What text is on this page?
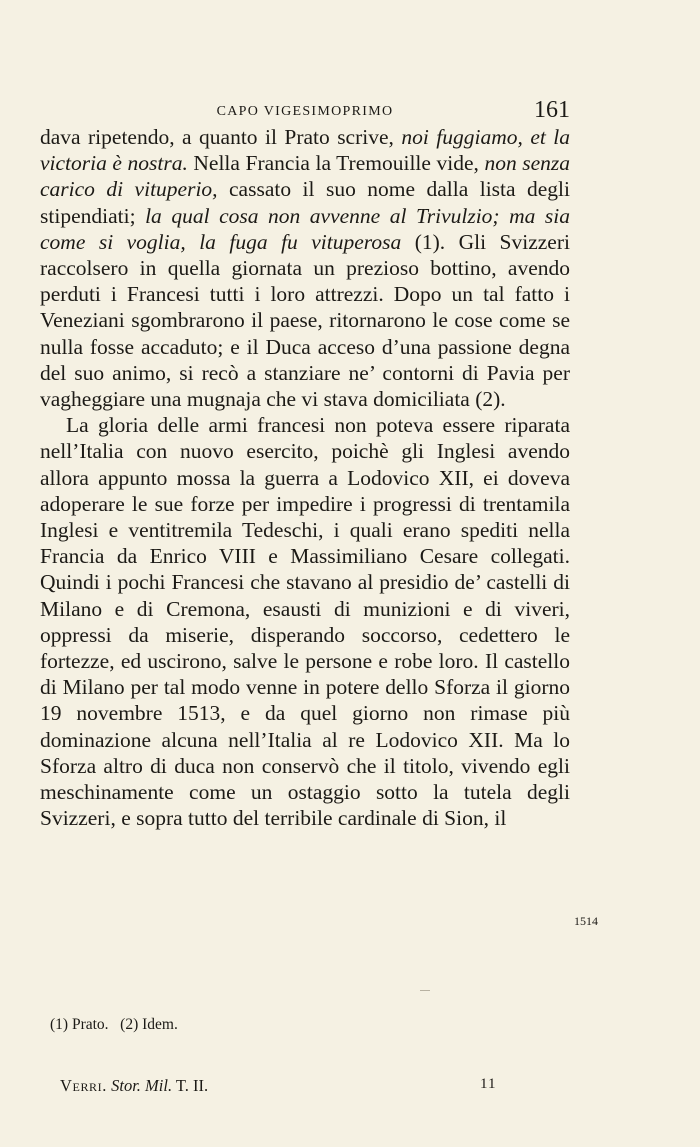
CAPO VIGESIMOPRIMO	161

dava ripetendo, a quanto il Prato scrive, noi fuggiamo, et la victoria è nostra. Nella Francia la Tremouille vide, non senza carico di vituperio, cassato il suo nome dalla lista degli stipendiati; la qual cosa non avvenne al Trivulzio; ma sia come si voglia, la fuga fu vituperosa (1). Gli Svizzeri raccolsero in quella giornata un prezioso bottino, avendo perduti i Francesi tutti i loro attrezzi. Dopo un tal fatto i Veneziani sgombrarono il paese, ritornarono le cose come se nulla fosse accaduto; e il Duca acceso d’una passione degna del suo animo, si recò a stanziare ne’ contorni di Pavia per vagheggiare una mugnaja che vi stava domiciliata (2).

La gloria delle armi francesi non poteva essere riparata nell’Italia con nuovo esercito, poichè gli Inglesi avendo allora appunto mossa la guerra a Lodovico XII, ei doveva adoperare le sue forze per impedire i progressi di trentamila Inglesi e ventitremila Tedeschi, i quali erano spediti nella Francia da Enrico VIII e Massimiliano Cesare collegati. Quindi i pochi Francesi che stavano al presidio de’ castelli di Milano e di Cremona, esausti di munizioni e di viveri, oppressi da miserie, disperando soccorso, cedettero le fortezze, ed uscirono, salve le persone e robe loro. Il castello di Milano per tal modo venne in potere dello Sforza il giorno 19 novembre 1513, e da quel giorno non rimase più dominazione alcuna nell’Italia al re Lodovico XII. Ma lo Sforza altro di duca non conservò che il titolo, vivendo egli meschinamente come un ostaggio sotto la tutela degli Svizzeri, e sopra tutto del terribile cardinale di Sion, il

1514
(1) Prato.   (2) Idem.
Verri. Stor. Mil. T. II.	11
